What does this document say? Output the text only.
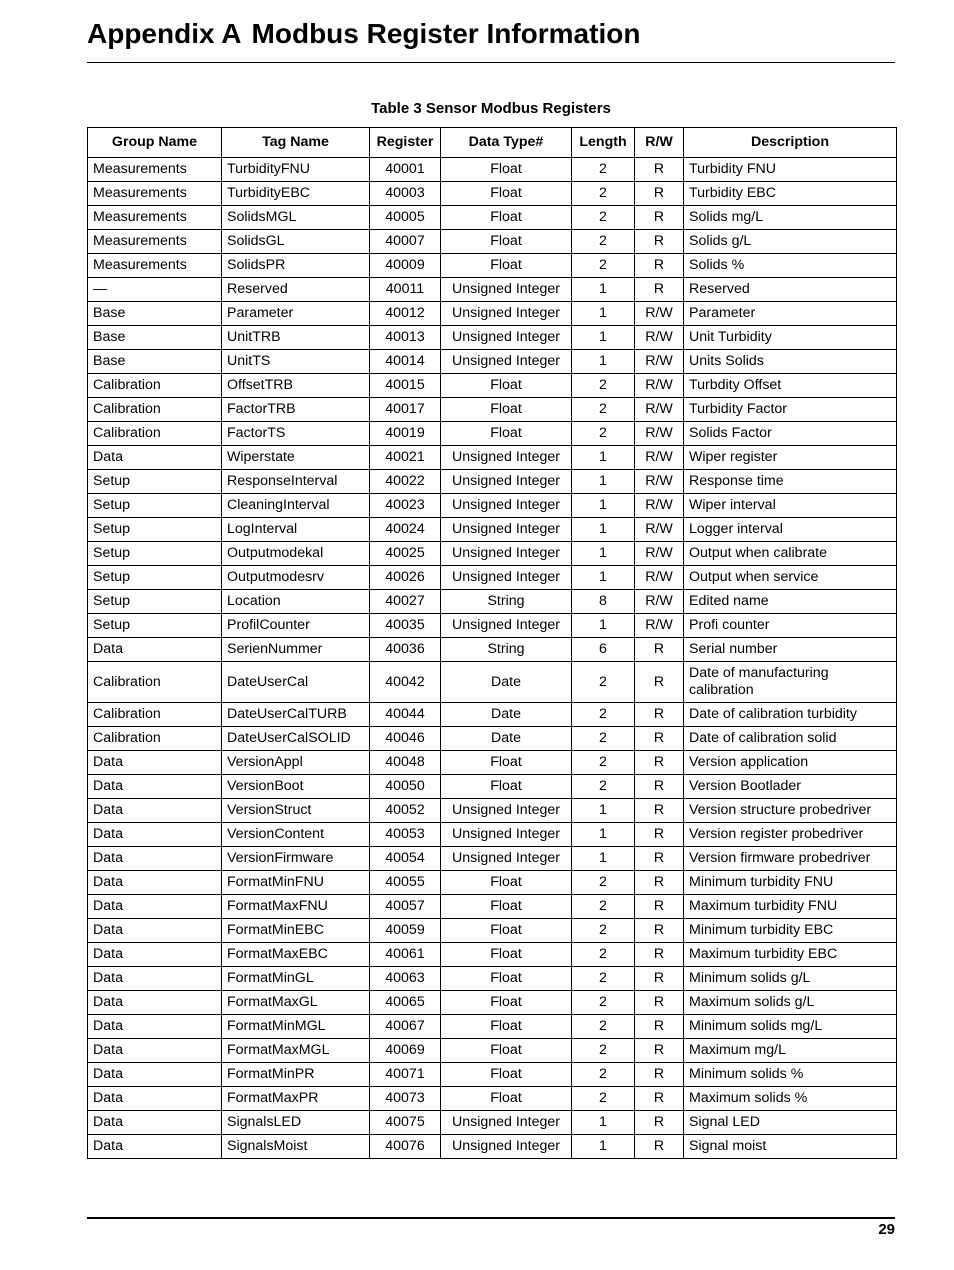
Appendix A Modbus Register Information
Table 3 Sensor Modbus Registers
Group Name	Tag Name	Register	Data Type#	Length	R/W	Description
Measurements	TurbidityFNU	40001	Float	2	R	Turbidity FNU
Measurements	TurbidityEBC	40003	Float	2	R	Turbidity EBC
Measurements	SolidsMGL	40005	Float	2	R	Solids mg/L
Measurements	SolidsGL	40007	Float	2	R	Solids g/L
Measurements	SolidsPR	40009	Float	2	R	Solids %
—	Reserved	40011	Unsigned Integer	1	R	Reserved
Base	Parameter	40012	Unsigned Integer	1	R/W	Parameter
Base	UnitTRB	40013	Unsigned Integer	1	R/W	Unit Turbidity
Base	UnitTS	40014	Unsigned Integer	1	R/W	Units Solids
Calibration	OffsetTRB	40015	Float	2	R/W	Turbdity Offset
Calibration	FactorTRB	40017	Float	2	R/W	Turbidity Factor
Calibration	FactorTS	40019	Float	2	R/W	Solids Factor
Data	Wiperstate	40021	Unsigned Integer	1	R/W	Wiper register
Setup	ResponseInterval	40022	Unsigned Integer	1	R/W	Response time
Setup	CleaningInterval	40023	Unsigned Integer	1	R/W	Wiper interval
Setup	LogInterval	40024	Unsigned Integer	1	R/W	Logger interval
Setup	Outputmodekal	40025	Unsigned Integer	1	R/W	Output when calibrate
Setup	Outputmodesrv	40026	Unsigned Integer	1	R/W	Output when service
Setup	Location	40027	String	8	R/W	Edited name
Setup	ProfilCounter	40035	Unsigned Integer	1	R/W	Profi counter
Data	SerienNummer	40036	String	6	R	Serial number
Calibration	DateUserCal	40042	Date	2	R	Date of manufacturing calibration
Calibration	DateUserCalTURB	40044	Date	2	R	Date of calibration turbidity
Calibration	DateUserCalSOLID	40046	Date	2	R	Date of calibration solid
Data	VersionAppl	40048	Float	2	R	Version application
Data	VersionBoot	40050	Float	2	R	Version Bootlader
Data	VersionStruct	40052	Unsigned Integer	1	R	Version structure probedriver
Data	VersionContent	40053	Unsigned Integer	1	R	Version register probedriver
Data	VersionFirmware	40054	Unsigned Integer	1	R	Version firmware probedriver
Data	FormatMinFNU	40055	Float	2	R	Minimum turbidity FNU
Data	FormatMaxFNU	40057	Float	2	R	Maximum turbidity FNU
Data	FormatMinEBC	40059	Float	2	R	Minimum turbidity EBC
Data	FormatMaxEBC	40061	Float	2	R	Maximum turbidity EBC
Data	FormatMinGL	40063	Float	2	R	Minimum solids g/L
Data	FormatMaxGL	40065	Float	2	R	Maximum solids g/L
Data	FormatMinMGL	40067	Float	2	R	Minimum solids mg/L
Data	FormatMaxMGL	40069	Float	2	R	Maximum mg/L
Data	FormatMinPR	40071	Float	2	R	Minimum solids %
Data	FormatMaxPR	40073	Float	2	R	Maximum solids %
Data	SignalsLED	40075	Unsigned Integer	1	R	Signal LED
Data	SignalsMoist	40076	Unsigned Integer	1	R	Signal moist
29
